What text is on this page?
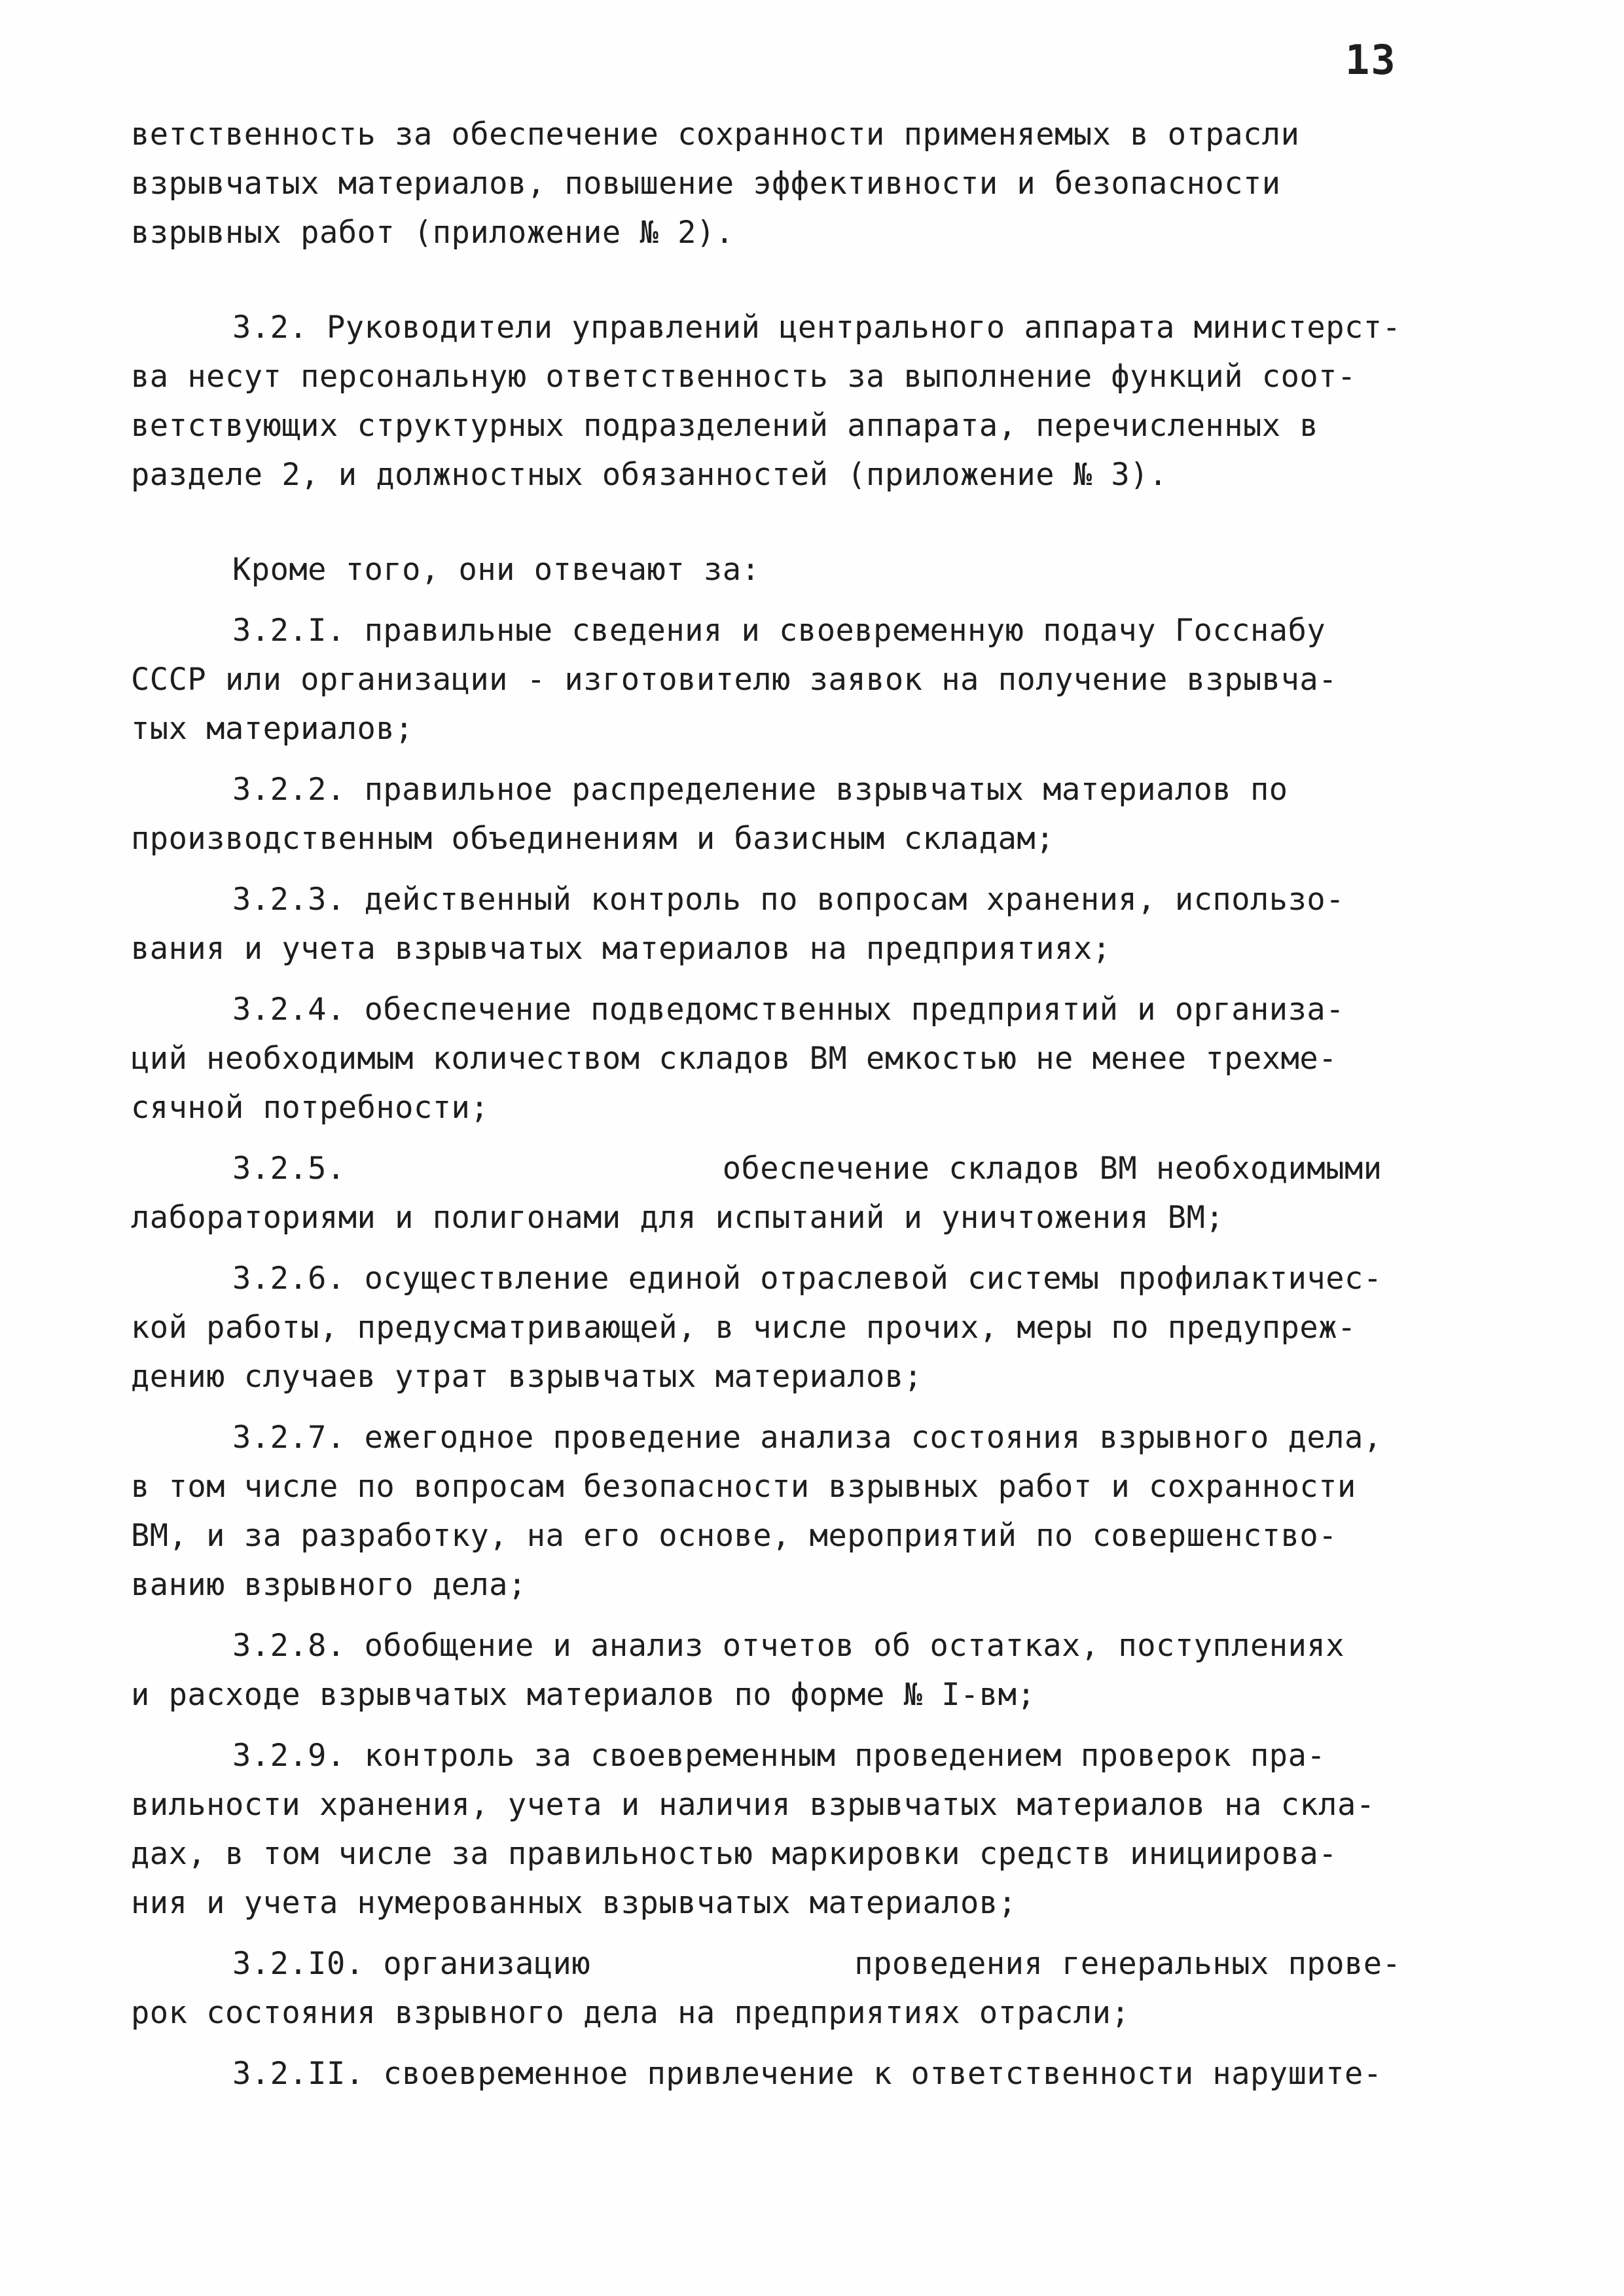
13
ветственность за обеспечение сохранности применяемых в отрасли
взрывчатых материалов, повышение эффективности и безопасности
взрывных работ (приложение № 2).
3.2. Руководители управлений центрального аппарата министерст-
ва несут персональную ответственность за выполнение функций соот-
ветствующих структурных подразделений аппарата, перечисленных в
разделе 2, и должностных обязанностей (приложение № 3).
Кроме того, они отвечают за:
3.2.I. правильные сведения и своевременную подачу Госснабу
СССР или организации - изготовителю заявок на получение взрывча-
тых материалов;
3.2.2. правильное распределение взрывчатых материалов по
производственным объединениям и базисным складам;
3.2.3. действенный контроль по вопросам хранения, использо-
вания и учета взрывчатых материалов на предприятиях;
3.2.4. обеспечение подведомственных предприятий и организа-
ций необходимым количеством складов ВМ емкостью не менее трехме-
сячной потребности;
3.2.5.                    обеспечение складов ВМ необходимыми
лабораториями и полигонами для испытаний и уничтожения ВМ;
3.2.6. осуществление единой отраслевой системы профилактичес-
кой работы, предусматривающей, в числе прочих, меры по предупреж-
дению случаев утрат взрывчатых материалов;
3.2.7. ежегодное проведение анализа состояния взрывного дела,
в том числе по вопросам безопасности взрывных работ и сохранности
ВМ, и за разработку, на его основе, мероприятий по совершенство-
ванию взрывного дела;
3.2.8. обобщение и анализ отчетов об остатках, поступлениях
и расходе взрывчатых материалов по форме № I-вм;
3.2.9. контроль за своевременным проведением проверок пра-
вильности хранения, учета и наличия взрывчатых материалов на скла-
дах, в том числе за правильностью маркировки средств инициирова-
ния и учета нумерованных взрывчатых материалов;
3.2.I0. организацию              проведения генеральных прове-
рок состояния взрывного дела на предприятиях отрасли;
3.2.II. своевременное привлечение к ответственности нарушите-
